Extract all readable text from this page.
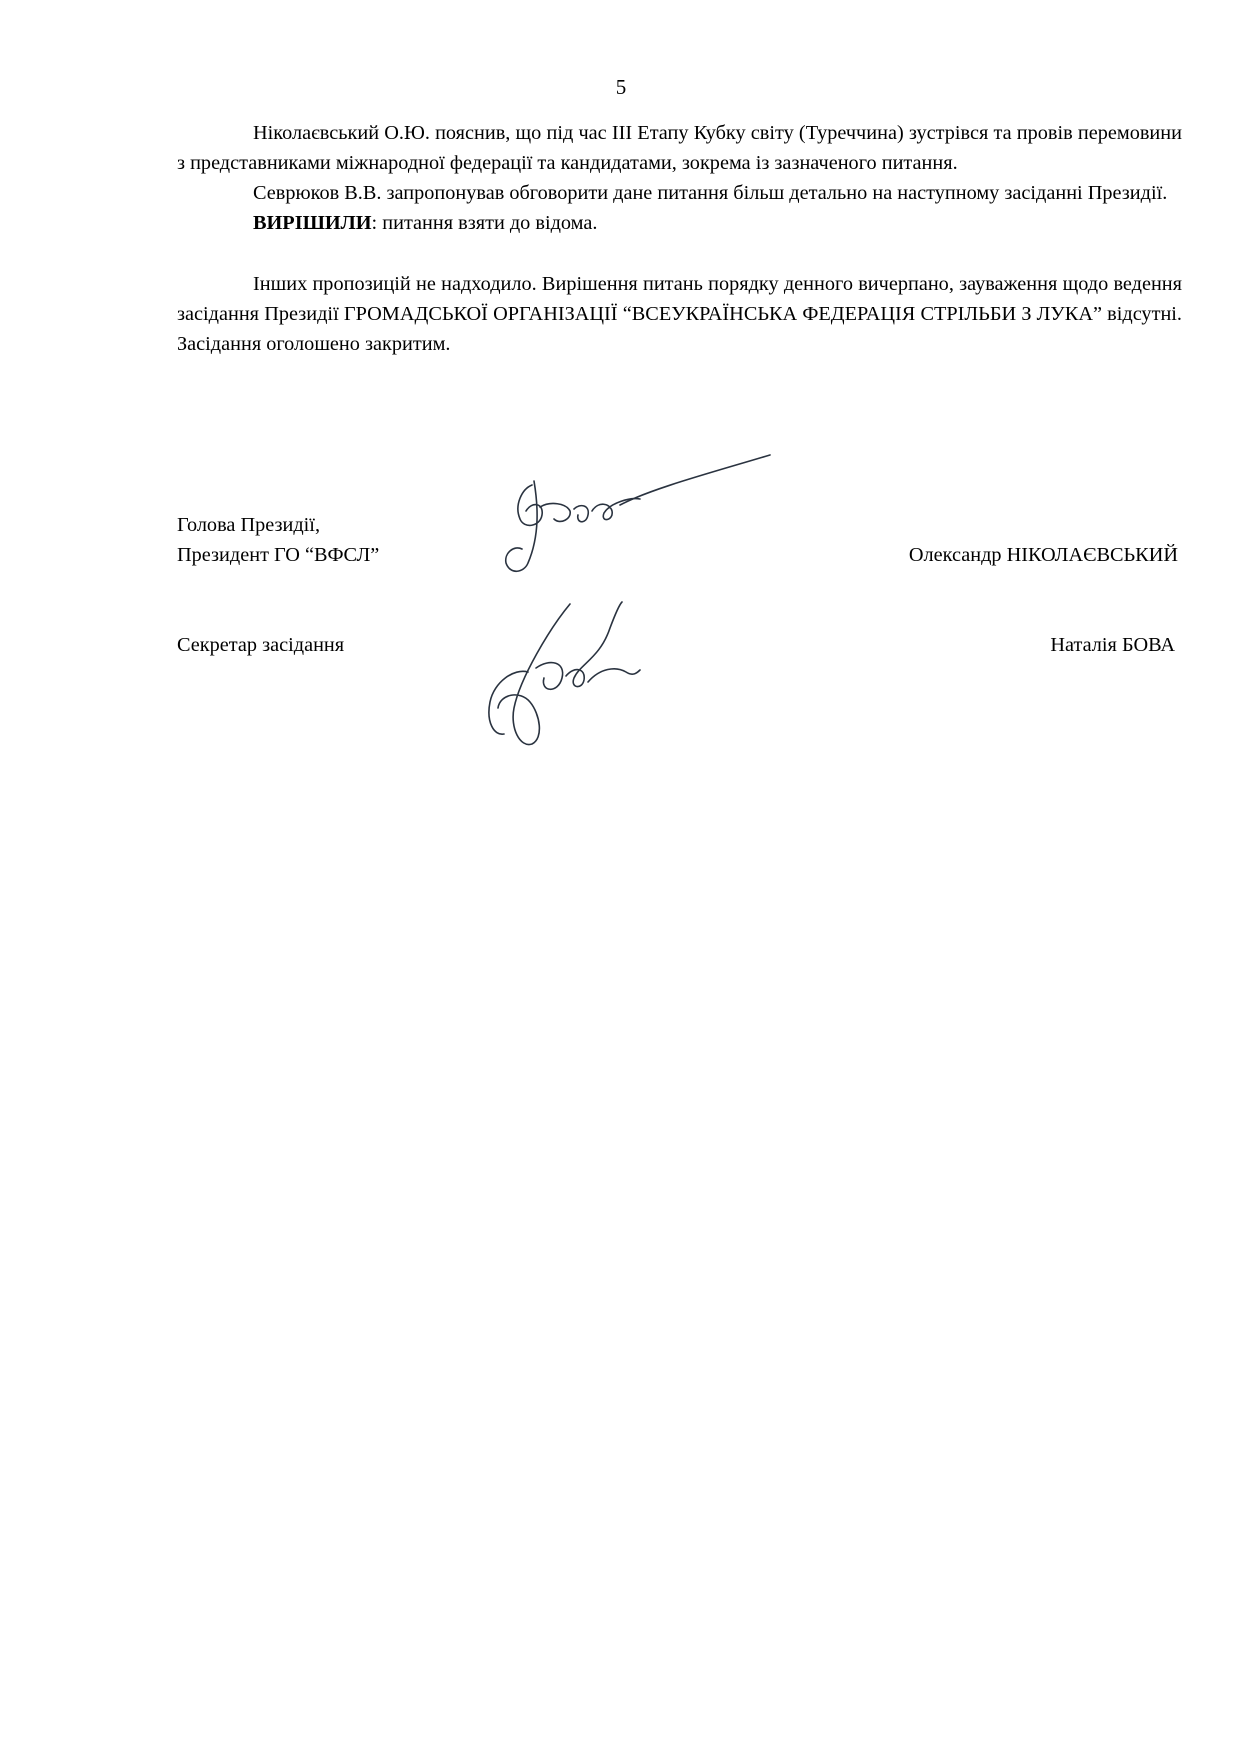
5

Ніколаєвський О.Ю. пояснив, що під час III Етапу Кубку світу (Туреччина) зустрівся та провів перемовини з представниками міжнародної федерації та кандидатами, зокрема із зазначеного питання.

Севрюков В.В. запропонував обговорити дане питання більш детально на наступному засіданні Президії.

ВИРІШИЛИ: питання взяти до відома.

Інших пропозицій не надходило. Вирішення питань порядку денного вичерпано, зауваження щодо ведення засідання Президії ГРОМАДСЬКОЇ ОРГАНІЗАЦІЇ “ВСЕУКРАЇНСЬКА ФЕДЕРАЦІЯ СТРІЛЬБИ З ЛУКА” відсутні. Засідання оголошено закритим.

Голова Президії,
Президент ГО “ВФСЛ”	Олександр НІКОЛАЄВСЬКИЙ
Секретар засідання	Наталія БОВА
